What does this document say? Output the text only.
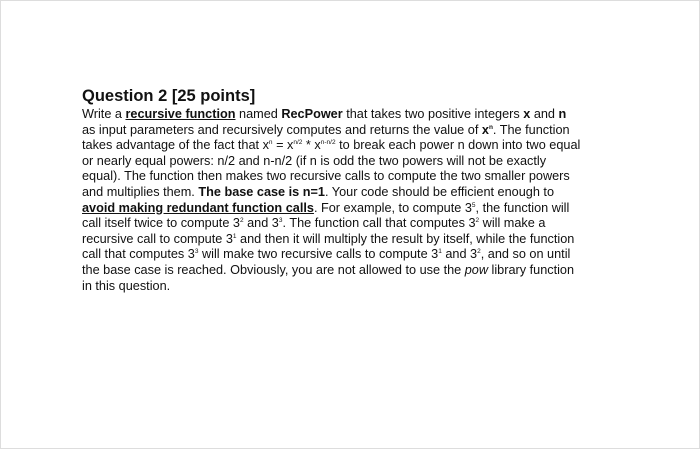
Question 2 [25 points]
Write a recursive function named RecPower that takes two positive integers x and n
as input parameters and recursively computes and returns the value of $x^n$. The function
takes advantage of the fact that $x^n = x^{n/2} * x^{n-n/2}$ to break each power n down into two equal
or nearly equal powers: n/2 and n-n/2 (if n is odd the two powers will not be exactly
equal). The function then makes two recursive calls to compute the two smaller powers
and multiplies them. The base case is n=1. Your code should be efficient enough to
avoid making redundant function calls. For example, to compute $3^5$, the function will
call itself twice to compute $3^2$ and $3^3$. The function call that computes $3^2$ will make a
recursive call to compute $3^1$ and then it will multiply the result by itself, while the function
call that computes $3^3$ will make two recursive calls to compute $3^1$ and $3^2$, and so on until
the base case is reached. Obviously, you are not allowed to use the pow library function
in this question.
